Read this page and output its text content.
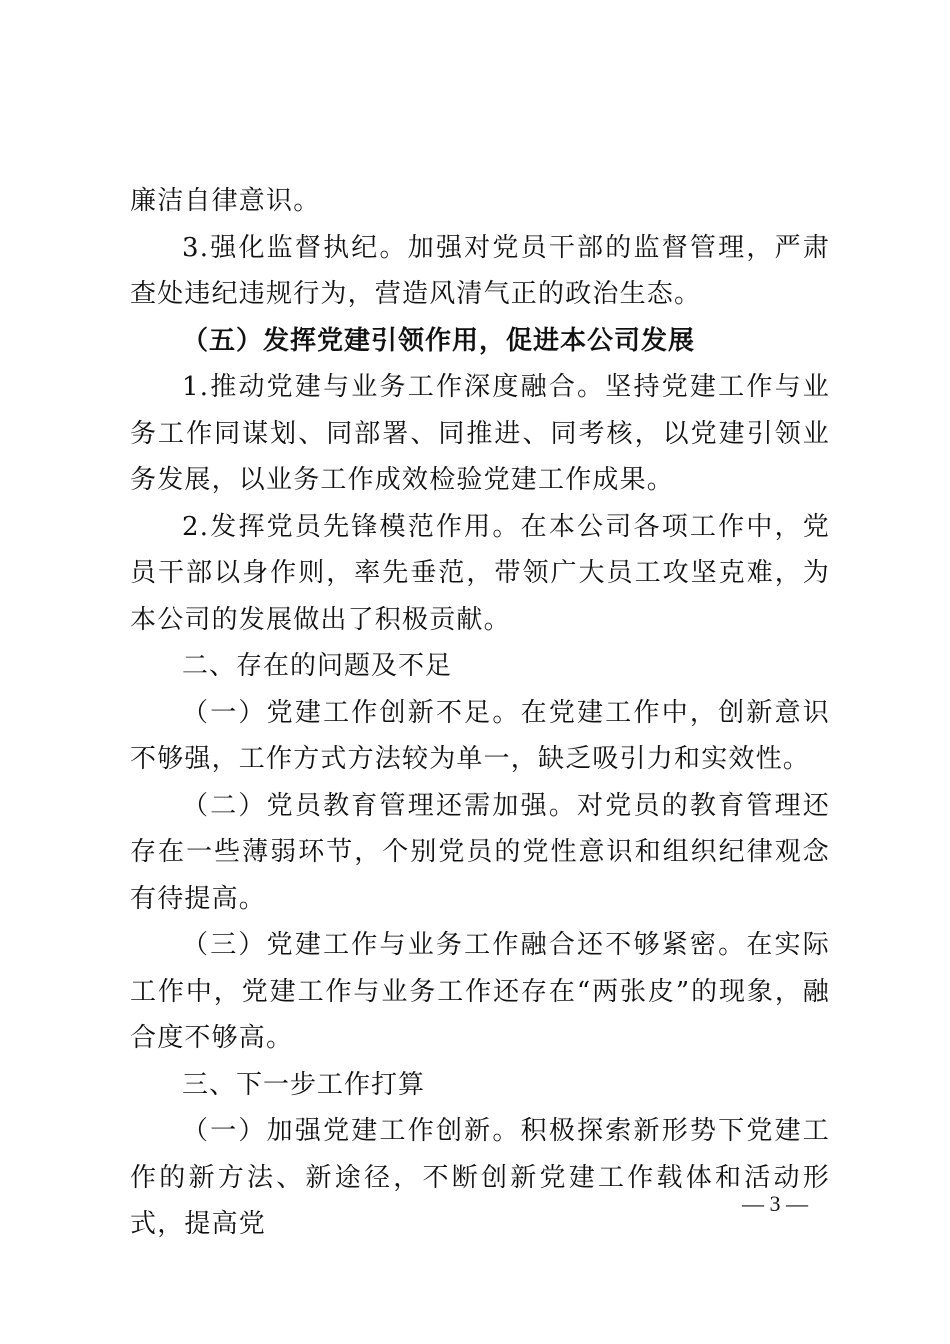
廉洁自律意识。

3.强化监督执纪。加强对党员干部的监督管理，严肃查处违纪违规行为，营造风清气正的政治生态。

（五）发挥党建引领作用，促进本公司发展

1.推动党建与业务工作深度融合。坚持党建工作与业务工作同谋划、同部署、同推进、同考核，以党建引领业务发展，以业务工作成效检验党建工作成果。

2.发挥党员先锋模范作用。在本公司各项工作中，党员干部以身作则，率先垂范，带领广大员工攻坚克难，为本公司的发展做出了积极贡献。

二、存在的问题及不足

（一）党建工作创新不足。在党建工作中，创新意识不够强，工作方式方法较为单一，缺乏吸引力和实效性。

（二）党员教育管理还需加强。对党员的教育管理还存在一些薄弱环节，个别党员的党性意识和组织纪律观念有待提高。

（三）党建工作与业务工作融合还不够紧密。在实际工作中，党建工作与业务工作还存在“两张皮”的现象，融合度不够高。

三、下一步工作打算

（一）加强党建工作创新。积极探索新形势下党建工作的新方法、新途径，不断创新党建工作载体和活动形式，提高党

— 3 —
